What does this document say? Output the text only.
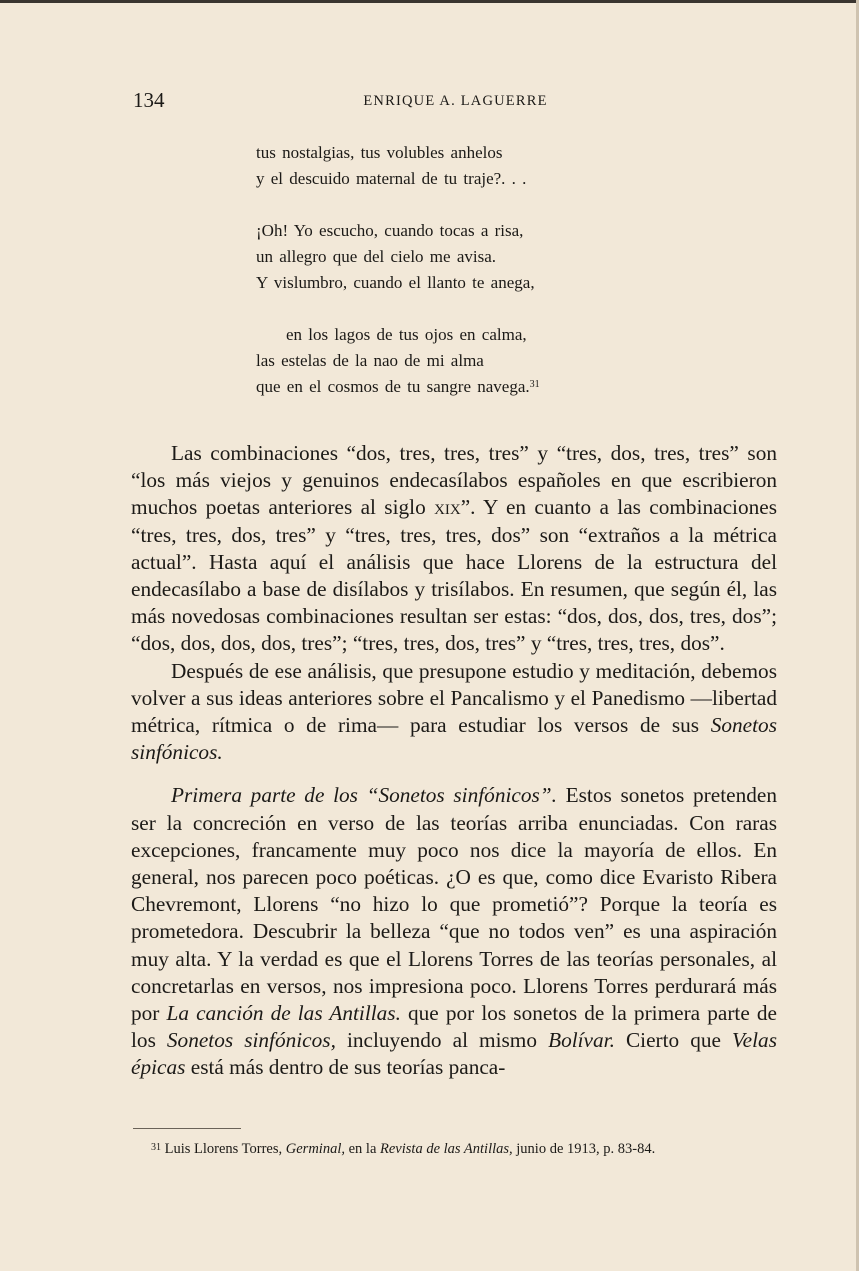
134	ENRIQUE A. LAGUERRE
tus nostalgias, tus volubles anhelos
y el descuido maternal de tu traje?. . .
¡Oh! Yo escucho, cuando tocas a risa,
un allegro que del cielo me avisa.
Y vislumbro, cuando el llanto te anega,
en los lagos de tus ojos en calma,
las estelas de la nao de mi alma
que en el cosmos de tu sangre navega.$^{31}$

Las combinaciones “dos, tres, tres, tres” y “tres, dos, tres, tres” son “los más viejos y genuinos endecasílabos españoles en que escribieron muchos poetas anteriores al siglo xix”. Y en cuanto a las combinaciones “tres, tres, dos, tres” y “tres, tres, tres, dos” son “extraños a la métrica actual”. Hasta aquí el análisis que hace Llorens de la estructura del endecasílabo a base de disílabos y trisílabos. En resumen, que según él, las más novedosas combinaciones resultan ser estas: “dos, dos, dos, tres, dos”; “dos, dos, dos, dos, tres”; “tres, tres, dos, tres” y “tres, tres, tres, dos”.

Después de ese análisis, que presupone estudio y meditación, debemos volver a sus ideas anteriores sobre el Pancalismo y el Panedismo —libertad métrica, rítmica o de rima— para estudiar los versos de sus Sonetos sinfónicos.

Primera parte de los “Sonetos sinfónicos”. Estos sonetos pretenden ser la concreción en verso de las teorías arriba enunciadas. Con raras excepciones, francamente muy poco nos dice la mayoría de ellos. En general, nos parecen poco poéticas. ¿O es que, como dice Evaristo Ribera Chevremont, Llorens “no hizo lo que prometió”? Porque la teoría es prometedora. Descubrir la belleza “que no todos ven” es una aspiración muy alta. Y la verdad es que el Llorens Torres de las teorías personales, al concretarlas en versos, nos impresiona poco. Llorens Torres perdurará más por La canción de las Antillas. que por los sonetos de la primera parte de los Sonetos sinfónicos, incluyendo al mismo Bolívar. Cierto que Velas épicas está más dentro de sus teorías panca-

$^{31}$ Luis Llorens Torres, Germinal, en la Revista de las Antillas, junio de 1913, p. 83-84.
